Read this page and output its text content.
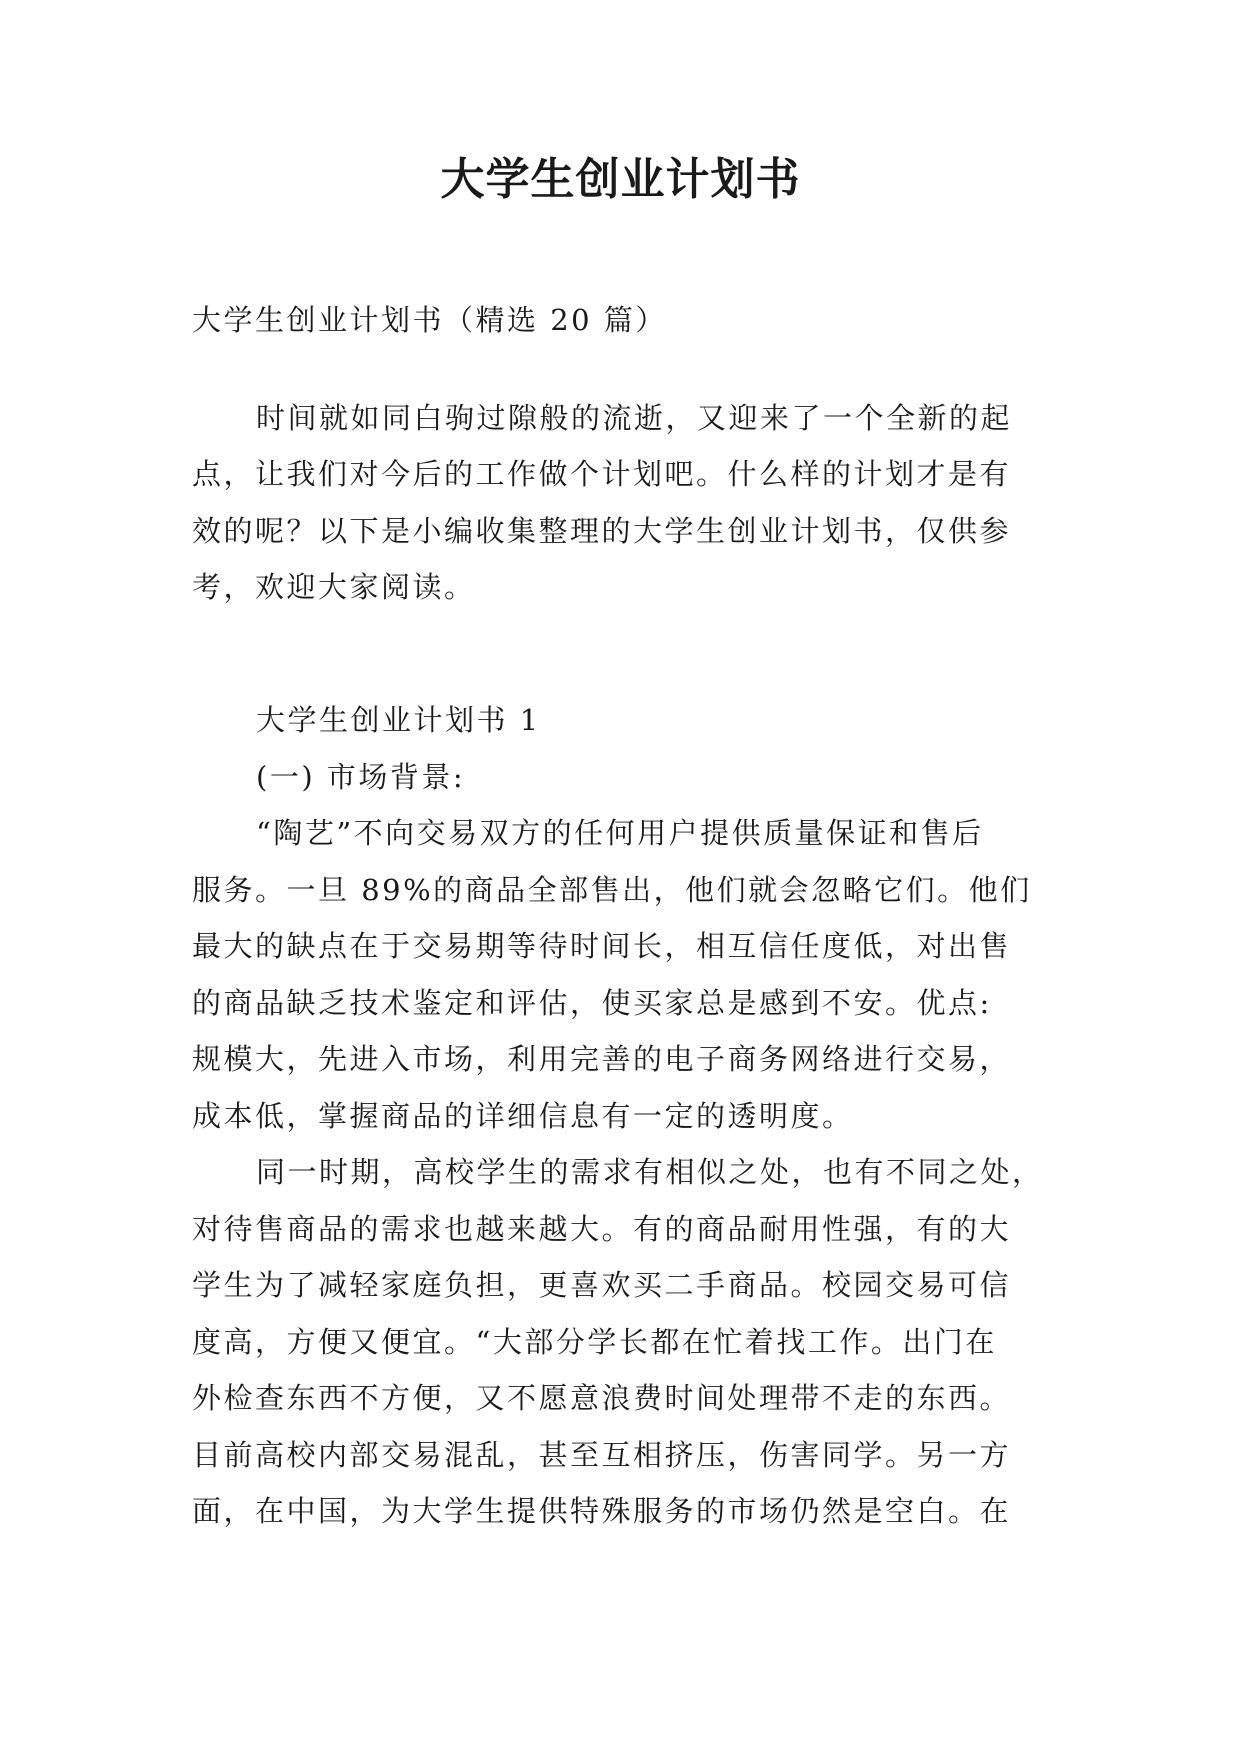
大学生创业计划书
大学生创业计划书（精选 20 篇）
时间就如同白驹过隙般的流逝，又迎来了一个全新的起
点，让我们对今后的工作做个计划吧。什么样的计划才是有
效的呢？以下是小编收集整理的大学生创业计划书，仅供参
考，欢迎大家阅读。
大学生创业计划书 1
(一) 市场背景:
“陶艺”不向交易双方的任何用户提供质量保证和售后
服务。一旦 89%的商品全部售出，他们就会忽略它们。他们
最大的缺点在于交易期等待时间长，相互信任度低，对出售
的商品缺乏技术鉴定和评估，使买家总是感到不安。优点:
规模大，先进入市场，利用完善的电子商务网络进行交易，
成本低，掌握商品的详细信息有一定的透明度。
同一时期，高校学生的需求有相似之处，也有不同之处，
对待售商品的需求也越来越大。有的商品耐用性强，有的大
学生为了减轻家庭负担，更喜欢买二手商品。校园交易可信
度高，方便又便宜。“大部分学长都在忙着找工作。出门在
外检查东西不方便，又不愿意浪费时间处理带不走的东西。
目前高校内部交易混乱，甚至互相挤压，伤害同学。另一方
面，在中国，为大学生提供特殊服务的市场仍然是空白。在
